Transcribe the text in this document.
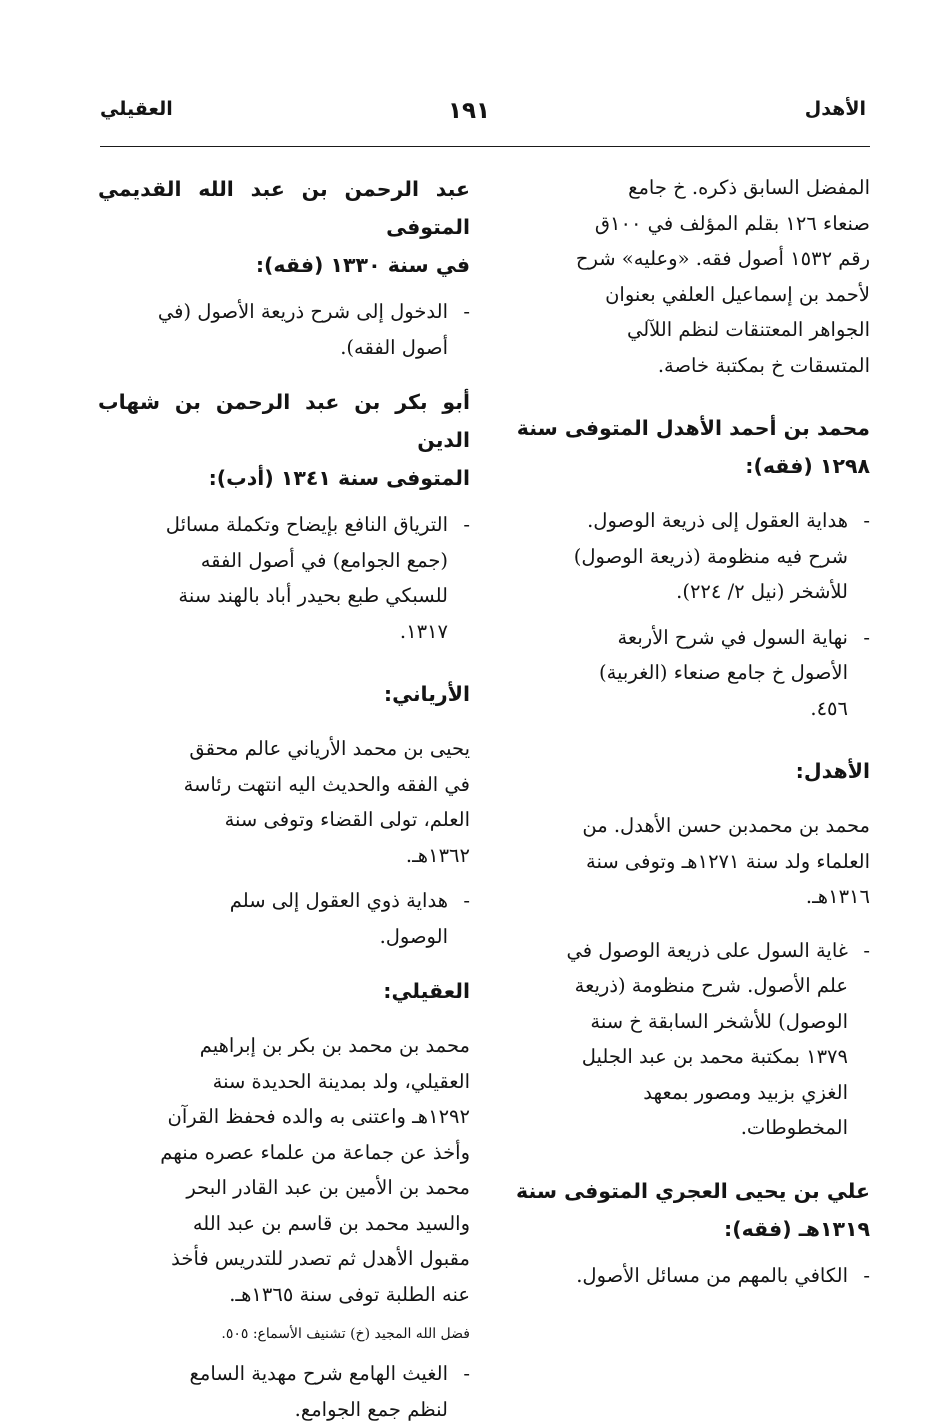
الأهدل
١٩١
العقيلي

المفضل السابق ذكره. خ جامع

صنعاء ١٢٦ بقلم المؤلف في ١٠٠ق

رقم ١٥٣٢ أصول فقه. «وعليه» شرح

لأحمد بن إسماعيل العلفي بعنوان

الجواهر المعتنقات لنظم اللآلي

المتسقات خ بمكتبة خاصة.

محمد بن أحمد الأهدل المتوفى سنة

١٢٩٨ (فقه):

-

هداية العقول إلى ذريعة الوصول.

شرح فيه منظومة (ذريعة الوصول)

للأشخر (نيل ٢/ ٢٢٤).

-

نهاية السول في شرح الأربعة

الأصول خ جامع صنعاء (الغربية)

٤٥٦.

الأهدل:

محمد بن محمدبن حسن الأهدل. من

العلماء ولد سنة ١٢٧١هـ وتوفى سنة

١٣١٦هـ.

-

غاية السول على ذريعة الوصول في

علم الأصول. شرح منظومة (ذريعة

الوصول) للأشخر السابقة خ سنة

١٣٧٩ بمكتبة محمد بن عبد الجليل

الغزي بزبيد ومصور بمعهد

المخطوطات.

علي بن يحيى العجري المتوفى سنة

١٣١٩هـ (فقه):

-

الكافي بالمهم من مسائل الأصول.

عبد الرحمن بن عبد الله القديمي المتوفى

في سنة ١٣٣٠ (فقه):

-

الدخول إلى شرح ذريعة الأصول (في

أصول الفقه).

أبو بكر بن عبد الرحمن بن شهاب الدين

المتوفى سنة ١٣٤١ (أدب):

-

الترياق النافع بإيضاح وتكملة مسائل

(جمع الجوامع) في أصول الفقه

للسبكي طبع بحيدر أباد بالهند سنة

١٣١٧.

الأرياني:

يحيى بن محمد الأرياني عالم محقق

في الفقه والحديث اليه انتهت رئاسة

العلم، تولى القضاء وتوفى سنة

١٣٦٢هـ.

-

هداية ذوي العقول إلى سلم

الوصول.

العقيلي:

محمد بن محمد بن بكر بن إبراهيم

العقيلي، ولد بمدينة الحديدة سنة

١٢٩٢هـ واعتنى به والده فحفظ القرآن

وأخذ عن جماعة من علماء عصره منهم

محمد بن الأمين بن عبد القادر البحر

والسيد محمد بن قاسم بن عبد الله

مقبول الأهدل ثم تصدر للتدريس فأخذ

عنه الطلبة توفى سنة ١٣٦٥هـ.

فضل الله المجيد (خ) تشنيف الأسماع: ٥٠٥.

-

الغيث الهامع شرح مهدية السامع

لنظم جمع الجوامع.
